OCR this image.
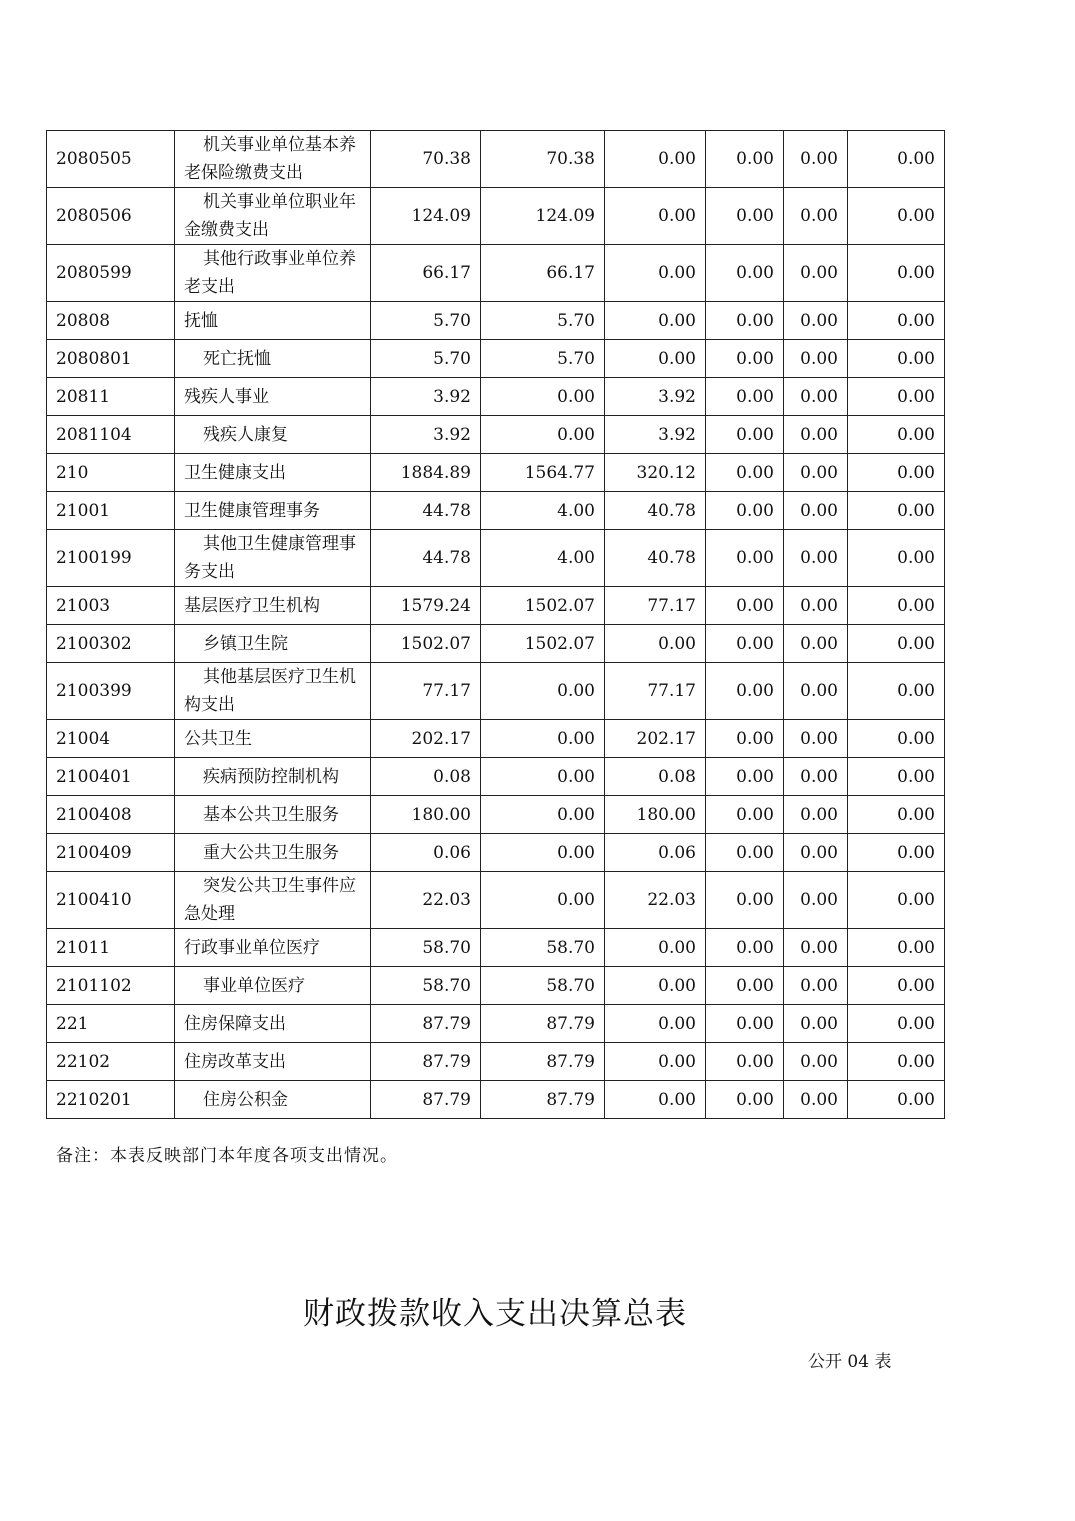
2080505	机关事业单位基本养老保险缴费支出	70.38	70.38	0.00	0.00	0.00	0.00
2080506	机关事业单位职业年金缴费支出	124.09	124.09	0.00	0.00	0.00	0.00
2080599	其他行政事业单位养老支出	66.17	66.17	0.00	0.00	0.00	0.00
20808	抚恤	5.70	5.70	0.00	0.00	0.00	0.00
2080801	死亡抚恤	5.70	5.70	0.00	0.00	0.00	0.00
20811	残疾人事业	3.92	0.00	3.92	0.00	0.00	0.00
2081104	残疾人康复	3.92	0.00	3.92	0.00	0.00	0.00
210	卫生健康支出	1884.89	1564.77	320.12	0.00	0.00	0.00
21001	卫生健康管理事务	44.78	4.00	40.78	0.00	0.00	0.00
2100199	其他卫生健康管理事务支出	44.78	4.00	40.78	0.00	0.00	0.00
21003	基层医疗卫生机构	1579.24	1502.07	77.17	0.00	0.00	0.00
2100302	乡镇卫生院	1502.07	1502.07	0.00	0.00	0.00	0.00
2100399	其他基层医疗卫生机构支出	77.17	0.00	77.17	0.00	0.00	0.00
21004	公共卫生	202.17	0.00	202.17	0.00	0.00	0.00
2100401	疾病预防控制机构	0.08	0.00	0.08	0.00	0.00	0.00
2100408	基本公共卫生服务	180.00	0.00	180.00	0.00	0.00	0.00
2100409	重大公共卫生服务	0.06	0.00	0.06	0.00	0.00	0.00
2100410	突发公共卫生事件应急处理	22.03	0.00	22.03	0.00	0.00	0.00
21011	行政事业单位医疗	58.70	58.70	0.00	0.00	0.00	0.00
2101102	事业单位医疗	58.70	58.70	0.00	0.00	0.00	0.00
221	住房保障支出	87.79	87.79	0.00	0.00	0.00	0.00
22102	住房改革支出	87.79	87.79	0.00	0.00	0.00	0.00
2210201	住房公积金	87.79	87.79	0.00	0.00	0.00	0.00
备注：本表反映部门本年度各项支出情况。
财政拨款收入支出决算总表
公开 04 表
